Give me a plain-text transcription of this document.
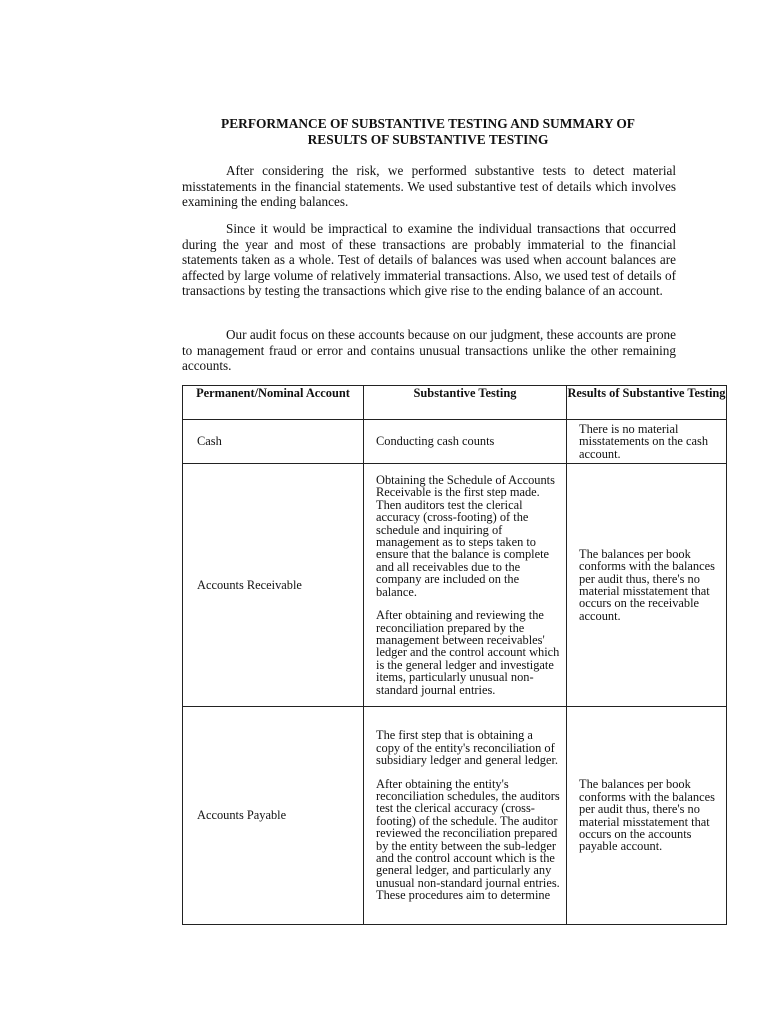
PERFORMANCE OF SUBSTANTIVE TESTING AND SUMMARY OF RESULTS OF SUBSTANTIVE TESTING

After considering the risk, we performed substantive tests to detect material misstatements in the financial statements. We used substantive test of details which involves examining the ending balances.

Since it would be impractical to examine the individual transactions that occurred during the year and most of these transactions are probably immaterial to the financial statements taken as a whole. Test of details of balances was used when account balances are affected by large volume of relatively immaterial transactions. Also, we used test of details of transactions by testing the transactions which give rise to the ending balance of an account.

Our audit focus on these accounts because on our judgment, these accounts are prone to management fraud or error and contains unusual transactions unlike the other remaining accounts.

Permanent/Nominal Account	Substantive Testing	Results of Substantive Testing
Cash	Conducting cash counts	There is no material misstatements on the cash account.
Accounts Receivable	Obtaining the Schedule of Accounts Receivable is the first step made. Then auditors test the clerical accuracy (cross-footing) of the schedule and inquiring of management as to steps taken to ensure that the balance is complete and all receivables due to the company are included on the balance.

After obtaining and reviewing the reconciliation prepared by the management between receivables' ledger and the control account which is the general ledger and investigate items, particularly unusual non-standard journal entries.	The balances per book conforms with the balances per audit thus, there's no material misstatement that occurs on the receivable account.
Accounts Payable	The first step that is obtaining a copy of the entity's reconciliation of subsidiary ledger and general ledger.

After obtaining the entity's reconciliation schedules, the auditors test the clerical accuracy (cross-footing) of the schedule. The auditor reviewed the reconciliation prepared by the entity between the sub-ledger and the control account which is the general ledger, and particularly any unusual non-standard journal entries. These procedures aim to determine	The balances per book conforms with the balances per audit thus, there's no material misstatement that occurs on the accounts payable account.
